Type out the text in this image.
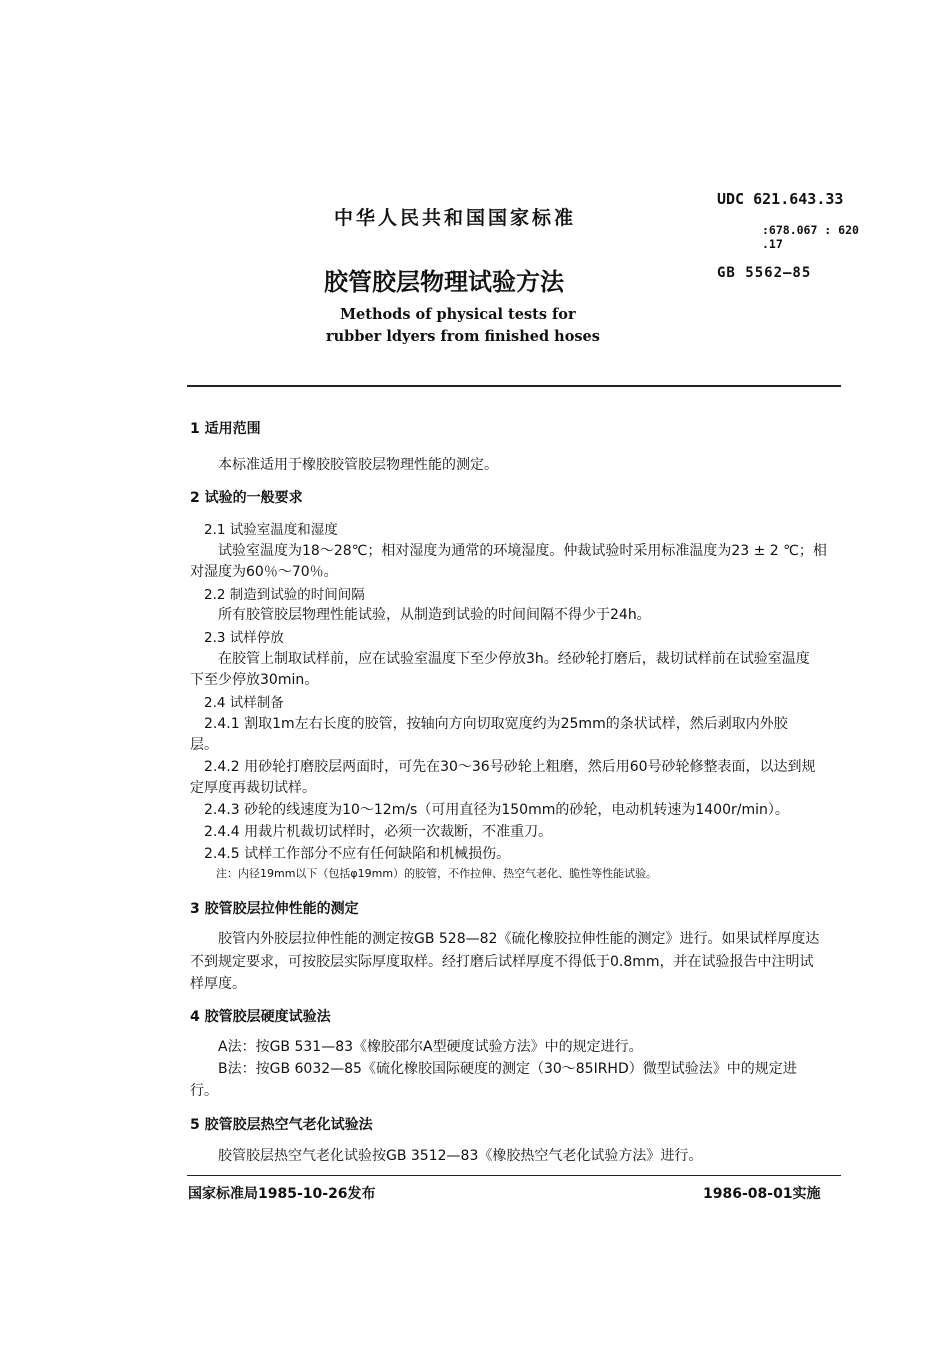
中华人民共和国国家标准
UDC 621.643.33
:678.067 : 620
.17
GB 5562—85
胶管胶层物理试验方法
Methods of physical tests for
rubber ldyers from finished hoses
1 适用范围
本标准适用于橡胶胶管胶层物理性能的测定。
2 试验的一般要求
2.1 试验室温度和湿度
试验室温度为18～28℃；相对湿度为通常的环境湿度。仲裁试验时采用标准温度为23 ± 2 ℃；相
对湿度为60％～70％。
2.2 制造到试验的时间间隔
所有胶管胶层物理性能试验，从制造到试验的时间间隔不得少于24h。
2.3 试样停放
在胶管上制取试样前，应在试验室温度下至少停放3h。经砂轮打磨后，裁切试样前在试验室温度
下至少停放30min。
2.4 试样制备
2.4.1 割取1m左右长度的胶管，按轴向方向切取宽度约为25mm的条状试样，然后剥取内外胶
层。
2.4.2 用砂轮打磨胶层两面时，可先在30～36号砂轮上粗磨，然后用60号砂轮修整表面，以达到规
定厚度再裁切试样。
2.4.3 砂轮的线速度为10～12m/s（可用直径为150mm的砂轮，电动机转速为1400r/min）。
2.4.4 用裁片机裁切试样时，必须一次裁断，不准重刀。
2.4.5 试样工作部分不应有任何缺陷和机械损伤。
注：内径19mm以下（包括φ19mm）的胶管，不作拉伸、热空气老化、脆性等性能试验。
3 胶管胶层拉伸性能的测定
胶管内外胶层拉伸性能的测定按GB 528—82《硫化橡胶拉伸性能的测定》进行。如果试样厚度达
不到规定要求，可按胶层实际厚度取样。经打磨后试样厚度不得低于0.8mm，并在试验报告中注明试
样厚度。
4 胶管胶层硬度试验法
A法：按GB 531—83《橡胶邵尔A型硬度试验方法》中的规定进行。
B法：按GB 6032—85《硫化橡胶国际硬度的测定（30～85IRHD）微型试验法》中的规定进
行。
5 胶管胶层热空气老化试验法
胶管胶层热空气老化试验按GB 3512—83《橡胶热空气老化试验方法》进行。
国家标准局1985-10-26发布	1986-08-01实施
